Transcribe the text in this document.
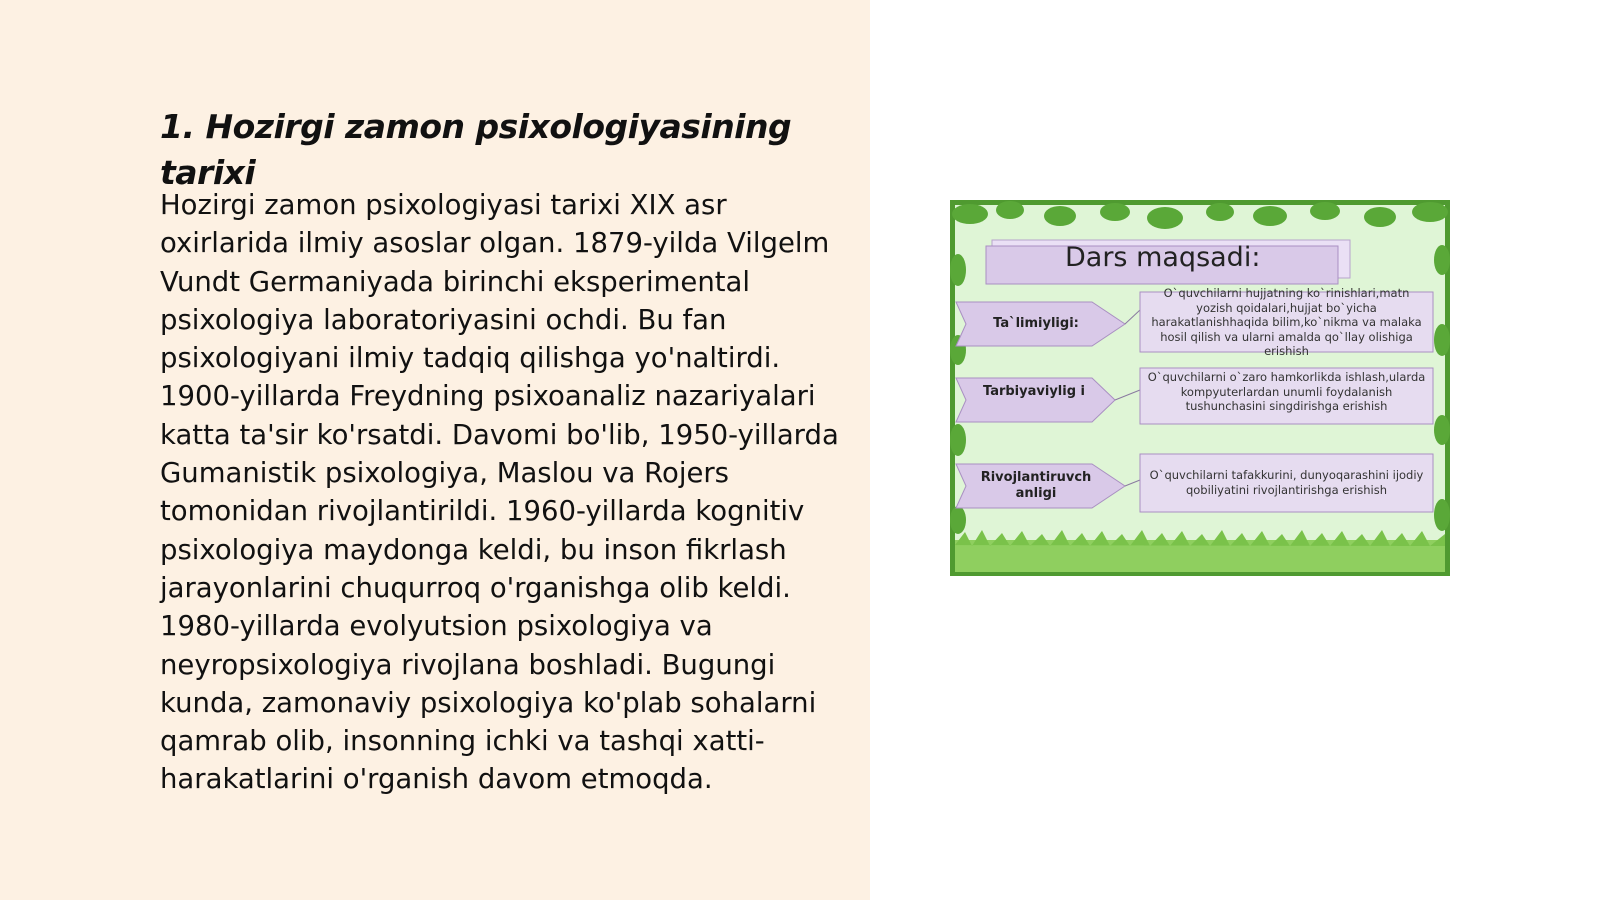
1. Hozirgi zamon psixologiyasining tarixi

Hozirgi zamon psixologiyasi tarixi XIX asr oxirlarida ilmiy asoslar olgan. 1879-yilda Vilgelm Vundt Germaniyada birinchi eksperimental psixologiya laboratoriyasini ochdi. Bu fan psixologiyani ilmiy tadqiq qilishga yo'naltirdi. 1900-yillarda Freydning psixoanaliz nazariyalari katta ta'sir ko'rsatdi. Davomi bo'lib, 1950-yillarda Gumanistik psixologiya, Maslou va Rojers tomonidan rivojlantirildi. 1960-yillarda kognitiv psixologiya maydonga keldi, bu inson fikrlash jarayonlarini chuqurroq o'rganishga olib keldi. 1980-yillarda evolyutsion psixologiya va neyropsixologiya rivojlana boshladi. Bugungi kunda, zamonaviy psixologiya ko'plab sohalarni qamrab olib, insonning ichki va tashqi xatti-harakatlarini o'rganish davom etmoqda.

Dars maqsadi:
Ta`limiyligi:
Tarbiyaviylig i
Rivojlantiruvch anligi
O`quvchilarni hujjatning ko`rinishlari,matn yozish qoidalari,hujjat bo`yicha harakatlanishhaqida bilim,ko`nikma va malaka hosil qilish va ularni amalda qo`llay olishiga erishish
O`quvchilarni o`zaro hamkorlikda ishlash,ularda kompyuterlardan unumli foydalanish tushunchasini singdirishga erishish
O`quvchilarni tafakkurini, dunyoqarashini ijodiy qobiliyatini rivojlantirishga erishish
